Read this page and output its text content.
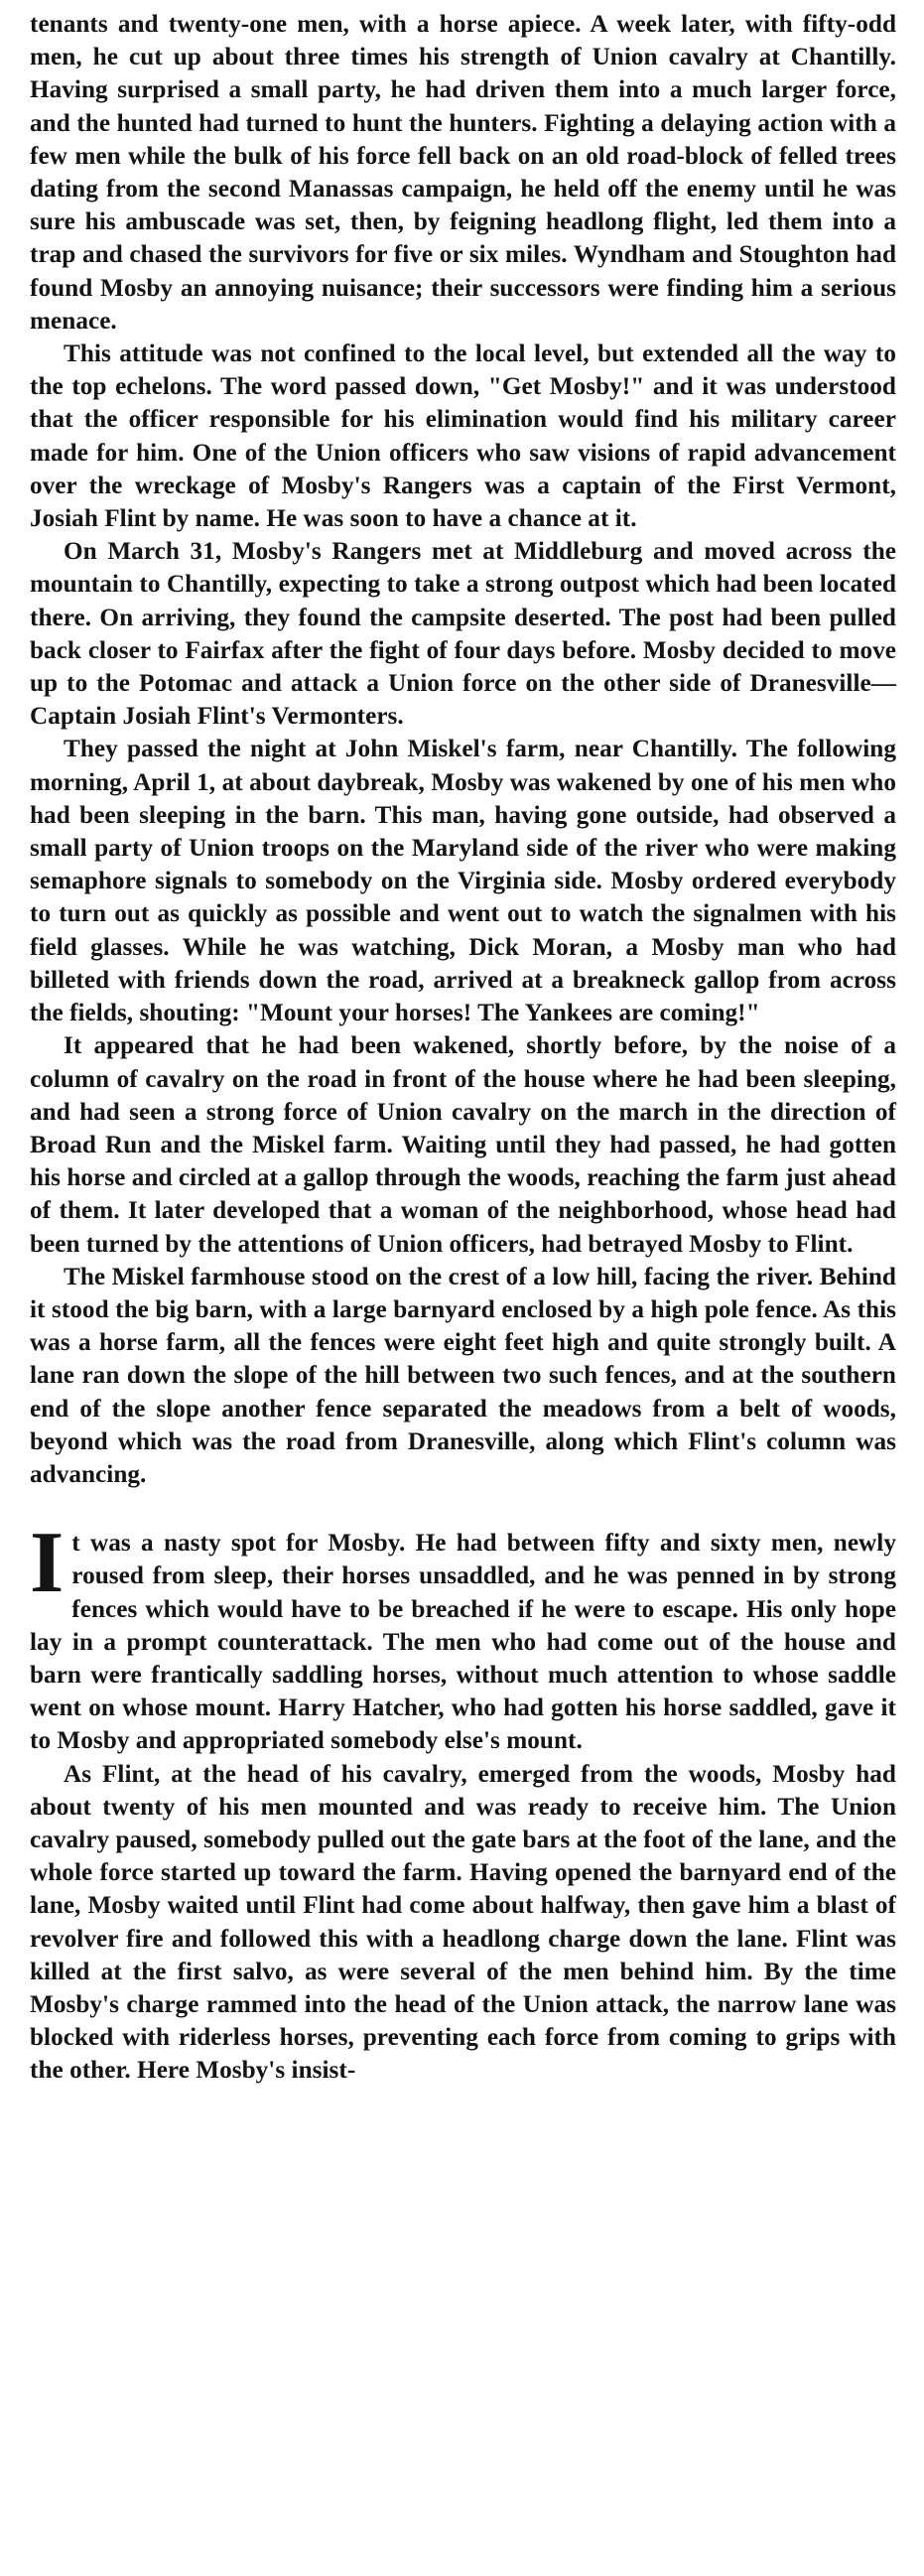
tenants and twenty-one men, with a horse apiece. A week later, with fifty-odd men, he cut up about three times his strength of Union cavalry at Chantilly. Having surprised a small party, he had driven them into a much larger force, and the hunted had turned to hunt the hunters. Fighting a delaying action with a few men while the bulk of his force fell back on an old road-block of felled trees dating from the second Manassas campaign, he held off the enemy until he was sure his ambuscade was set, then, by feigning headlong flight, led them into a trap and chased the survivors for five or six miles. Wyndham and Stoughton had found Mosby an annoying nuisance; their successors were finding him a serious menace.

This attitude was not confined to the local level, but extended all the way to the top echelons. The word passed down, "Get Mosby!" and it was understood that the officer responsible for his elimination would find his military career made for him. One of the Union officers who saw visions of rapid advancement over the wreckage of Mosby's Rangers was a captain of the First Vermont, Josiah Flint by name. He was soon to have a chance at it.

On March 31, Mosby's Rangers met at Middleburg and moved across the mountain to Chantilly, expecting to take a strong outpost which had been located there. On arriving, they found the campsite deserted. The post had been pulled back closer to Fairfax after the fight of four days before. Mosby decided to move up to the Potomac and attack a Union force on the other side of Dranesville—Captain Josiah Flint's Vermonters.

They passed the night at John Miskel's farm, near Chantilly. The following morning, April 1, at about daybreak, Mosby was wakened by one of his men who had been sleeping in the barn. This man, having gone outside, had observed a small party of Union troops on the Maryland side of the river who were making semaphore signals to somebody on the Virginia side. Mosby ordered everybody to turn out as quickly as possible and went out to watch the signalmen with his field glasses. While he was watching, Dick Moran, a Mosby man who had billeted with friends down the road, arrived at a breakneck gallop from across the fields, shouting: "Mount your horses! The Yankees are coming!"

It appeared that he had been wakened, shortly before, by the noise of a column of cavalry on the road in front of the house where he had been sleeping, and had seen a strong force of Union cavalry on the march in the direction of Broad Run and the Miskel farm. Waiting until they had passed, he had gotten his horse and circled at a gallop through the woods, reaching the farm just ahead of them. It later developed that a woman of the neighborhood, whose head had been turned by the attentions of Union officers, had betrayed Mosby to Flint.

The Miskel farmhouse stood on the crest of a low hill, facing the river. Behind it stood the big barn, with a large barnyard enclosed by a high pole fence. As this was a horse farm, all the fences were eight feet high and quite strongly built. A lane ran down the slope of the hill between two such fences, and at the southern end of the slope another fence separated the meadows from a belt of woods, beyond which was the road from Dranesville, along which Flint's column was advancing.

It was a nasty spot for Mosby. He had between fifty and sixty men, newly roused from sleep, their horses unsaddled, and he was penned in by strong fences which would have to be breached if he were to escape. His only hope lay in a prompt counterattack. The men who had come out of the house and barn were frantically saddling horses, without much attention to whose saddle went on whose mount. Harry Hatcher, who had gotten his horse saddled, gave it to Mosby and appropriated somebody else's mount.

As Flint, at the head of his cavalry, emerged from the woods, Mosby had about twenty of his men mounted and was ready to receive him. The Union cavalry paused, somebody pulled out the gate bars at the foot of the lane, and the whole force started up toward the farm. Having opened the barnyard end of the lane, Mosby waited until Flint had come about halfway, then gave him a blast of revolver fire and followed this with a headlong charge down the lane. Flint was killed at the first salvo, as were several of the men behind him. By the time Mosby's charge rammed into the head of the Union attack, the narrow lane was blocked with riderless horses, preventing each force from coming to grips with the other. Here Mosby's insist-
